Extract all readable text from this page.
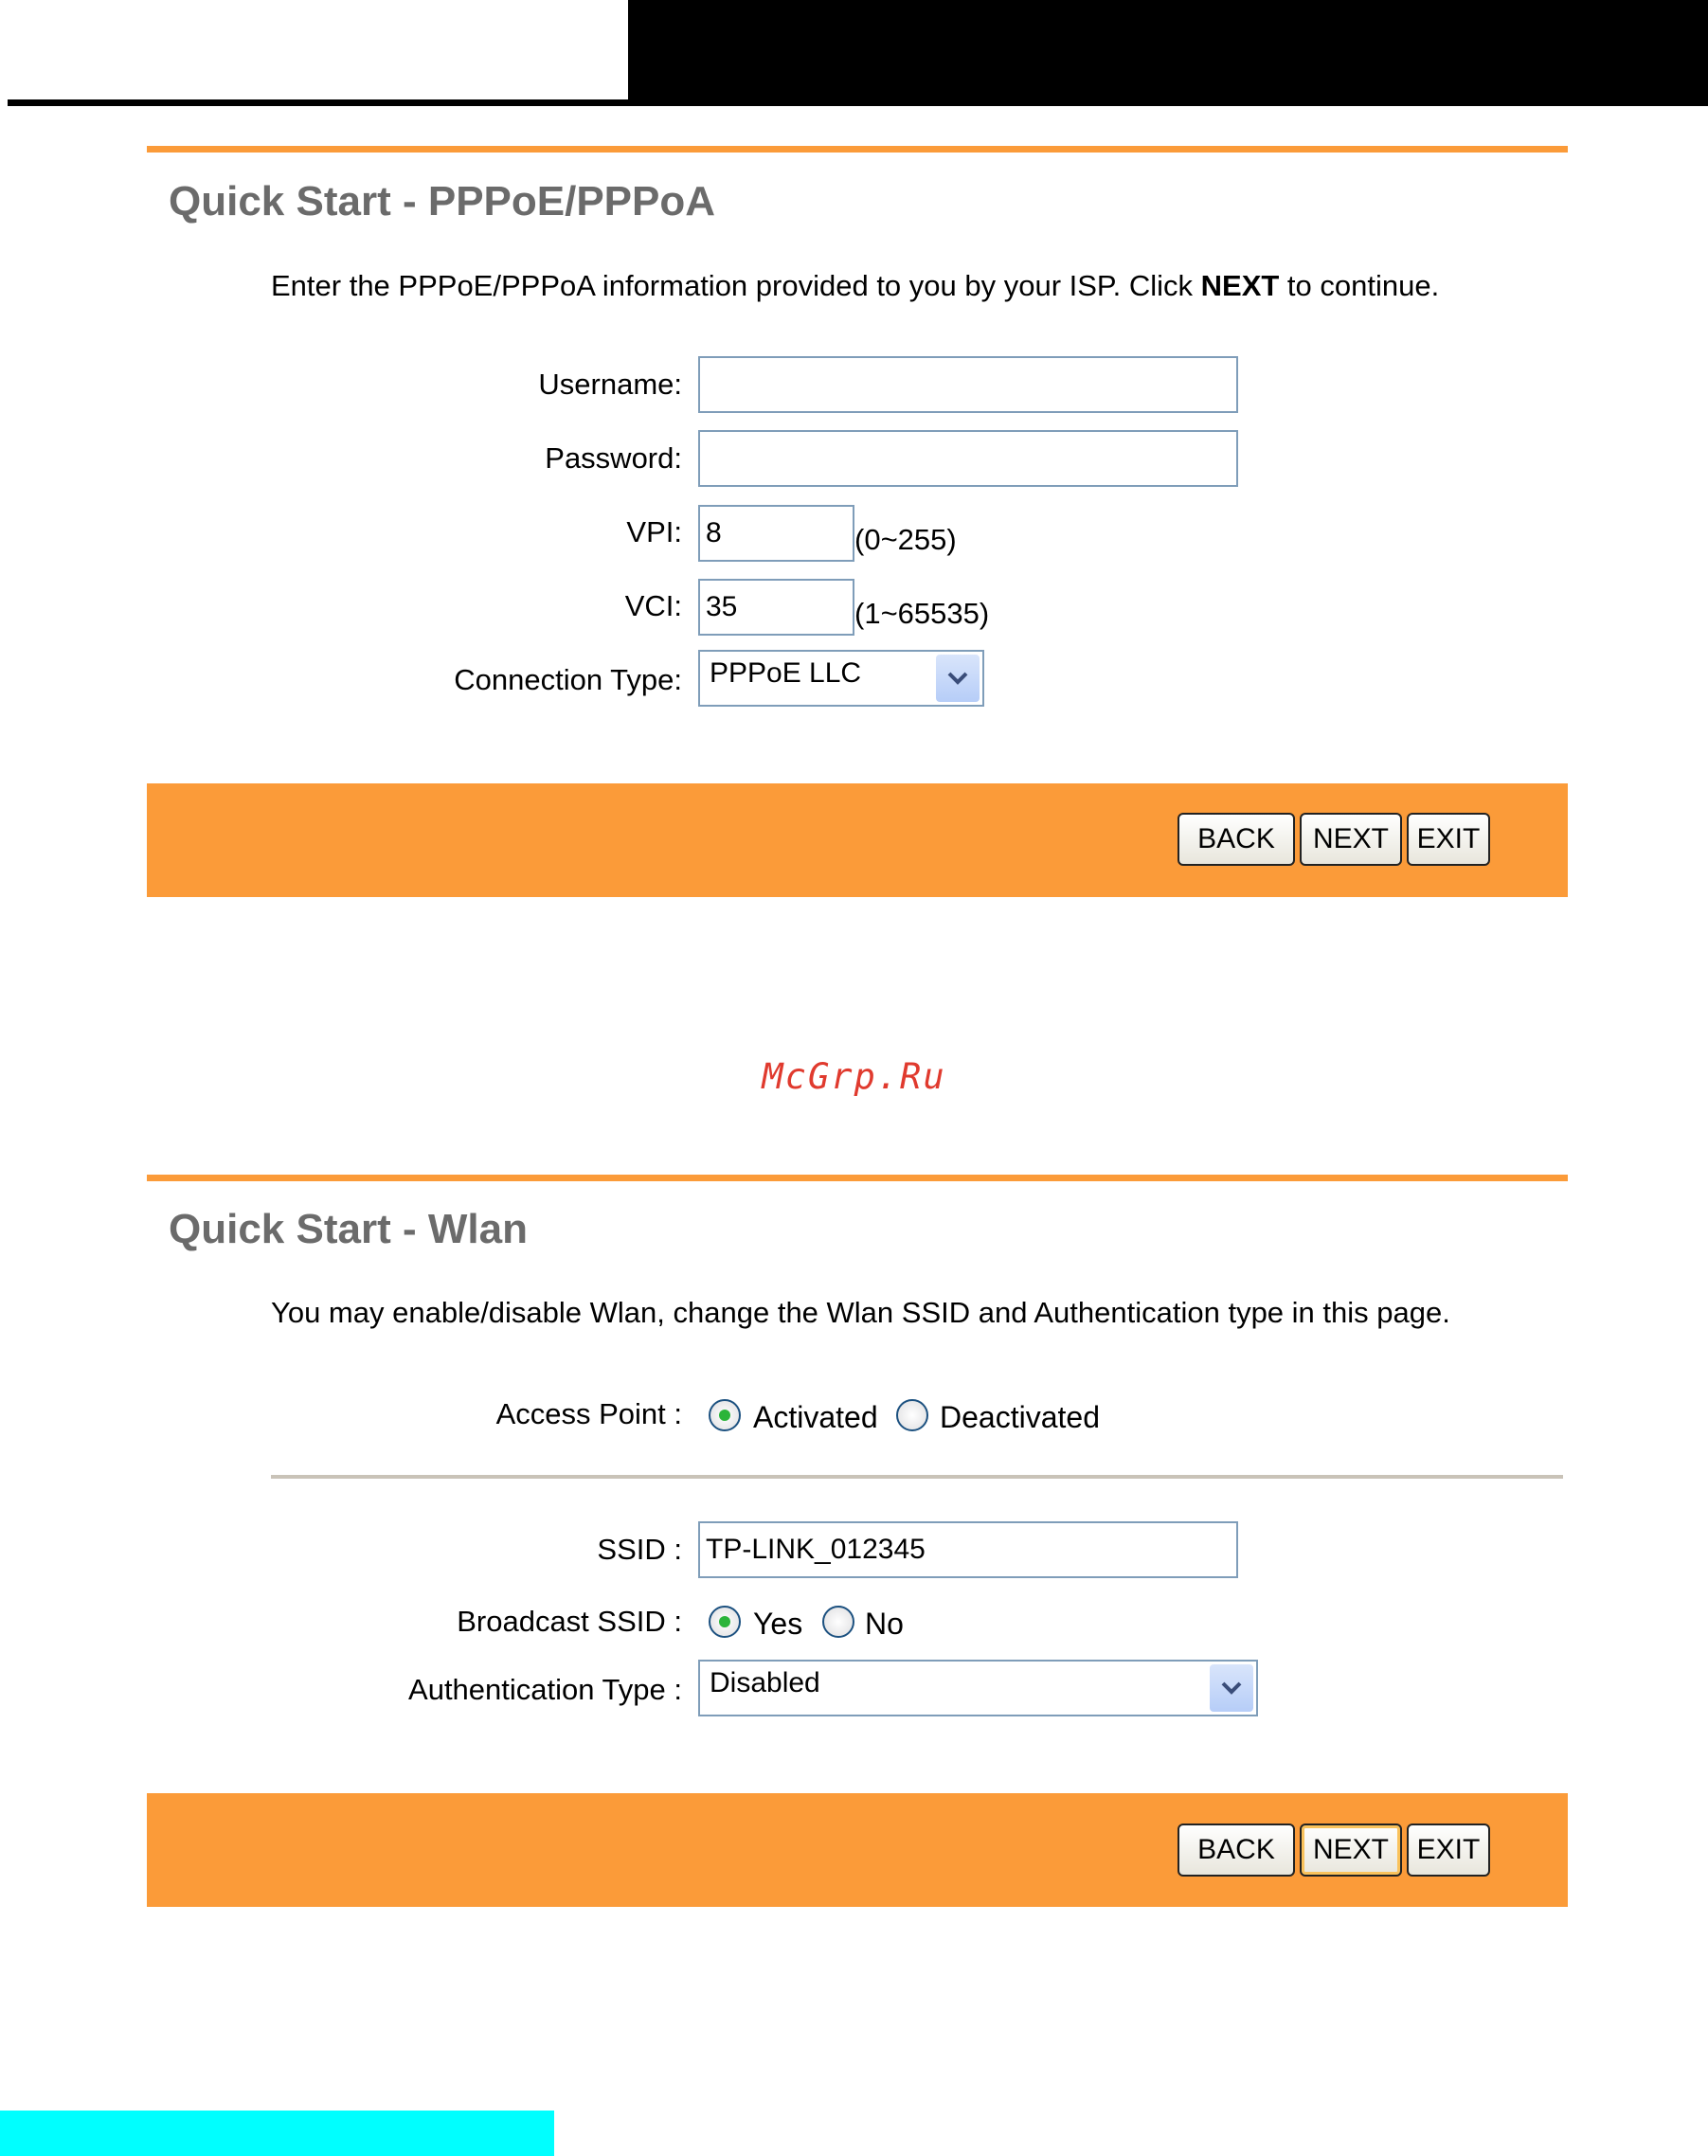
Quick Start - PPPoE/PPPoA
Enter the PPPoE/PPPoA information provided to you by your ISP. Click NEXT to continue.
Username:
Password:
VPI:
8	(0~255)
VCI:
35	(1~65535)
Connection Type: PPPoE LLC
BACK	NEXT EXIT
McGrp.Ru
Quick Start - Wlan
You may enable/disable Wlan, change the Wlan SSID and Authentication type in this page.
Access Point : Activated Deactivated
SSID :
TP-LINK_012345
Broadcast SSID : Yes No
Authentication Type : Disabled
BACK	NEXT EXIT
